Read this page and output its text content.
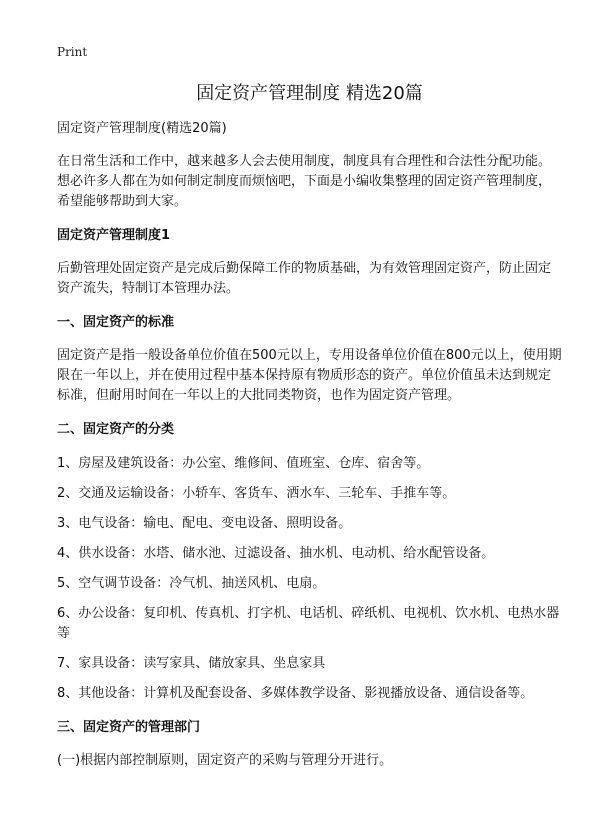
Print
固定资产管理制度 精选20篇
固定资产管理制度(精选20篇)
在日常生活和工作中，越来越多人会去使用制度，制度具有合理性和合法性分配功能。想必许多人都在为如何制定制度而烦恼吧，下面是小编收集整理的固定资产管理制度，希望能够帮助到大家。
固定资产管理制度1
后勤管理处固定资产是完成后勤保障工作的物质基础，为有效管理固定资产，防止固定资产流失，特制订本管理办法。
一、固定资产的标准
固定资产是指一般设备单位价值在500元以上，专用设备单位价值在800元以上，使用期限在一年以上，并在使用过程中基本保持原有物质形态的资产。单位价值虽未达到规定标准，但耐用时间在一年以上的大批同类物资，也作为固定资产管理。
二、固定资产的分类
1、房屋及建筑设备：办公室、维修间、值班室、仓库、宿舍等。
2、交通及运输设备：小轿车、客货车、洒水车、三轮车、手推车等。
3、电气设备：输电、配电、变电设备、照明设备。
4、供水设备：水塔、储水池、过滤设备、抽水机、电动机、给水配管设备。
5、空气调节设备：冷气机、抽送风机、电扇。
6、办公设备：复印机、传真机、打字机、电话机、碎纸机、电视机、饮水机、电热水器等
7、家具设备：读写家具、储放家具、坐息家具
8、其他设备：计算机及配套设备、多媒体教学设备、影视播放设备、通信设备等。
三、固定资产的管理部门
(一)根据内部控制原则，固定资产的采购与管理分开进行。
